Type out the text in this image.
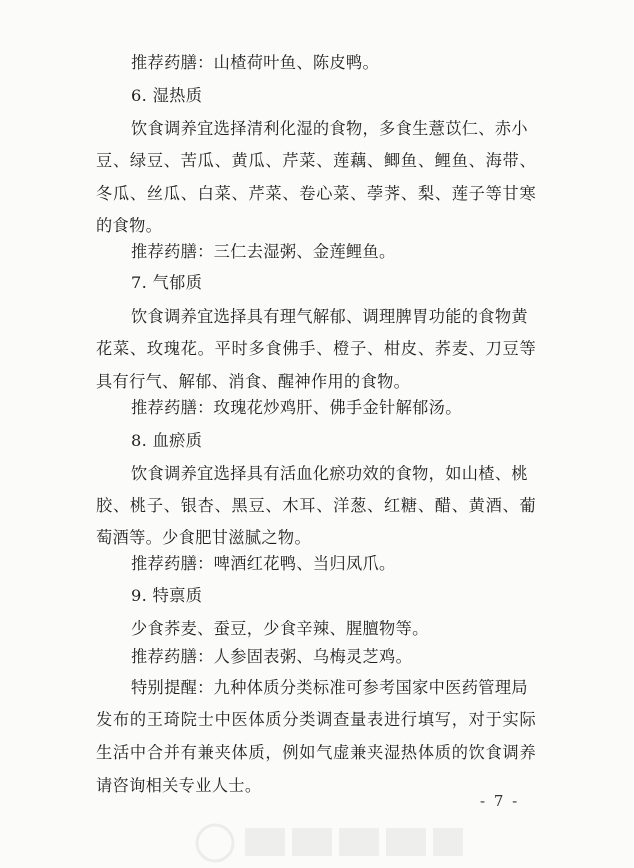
推荐药膳：山楂荷叶鱼、陈皮鸭。
6. 湿热质
饮食调养宜选择清利化湿的食物，多食生薏苡仁、赤小
豆、绿豆、苦瓜、黄瓜、芹菜、莲藕、鲫鱼、鲤鱼、海带、
冬瓜、丝瓜、白菜、芹菜、卷心菜、荸荠、梨、莲子等甘寒
的食物。
推荐药膳：三仁去湿粥、金莲鲤鱼。
7. 气郁质
饮食调养宜选择具有理气解郁、调理脾胃功能的食物黄
花菜、玫瑰花。平时多食佛手、橙子、柑皮、荞麦、刀豆等
具有行气、解郁、消食、醒神作用的食物。
推荐药膳：玫瑰花炒鸡肝、佛手金针解郁汤。
8. 血瘀质
饮食调养宜选择具有活血化瘀功效的食物，如山楂、桃
胶、桃子、银杏、黑豆、木耳、洋葱、红糖、醋、黄酒、葡
萄酒等。少食肥甘滋腻之物。
推荐药膳：啤酒红花鸭、当归凤爪。
9. 特禀质
少食荞麦、蚕豆，少食辛辣、腥膻物等。
推荐药膳：人参固表粥、乌梅灵芝鸡。
特别提醒：九种体质分类标准可参考国家中医药管理局
发布的王琦院士中医体质分类调查量表进行填写，对于实际
生活中合并有兼夹体质，例如气虚兼夹湿热体质的饮食调养
请咨询相关专业人士。
- 7 -
